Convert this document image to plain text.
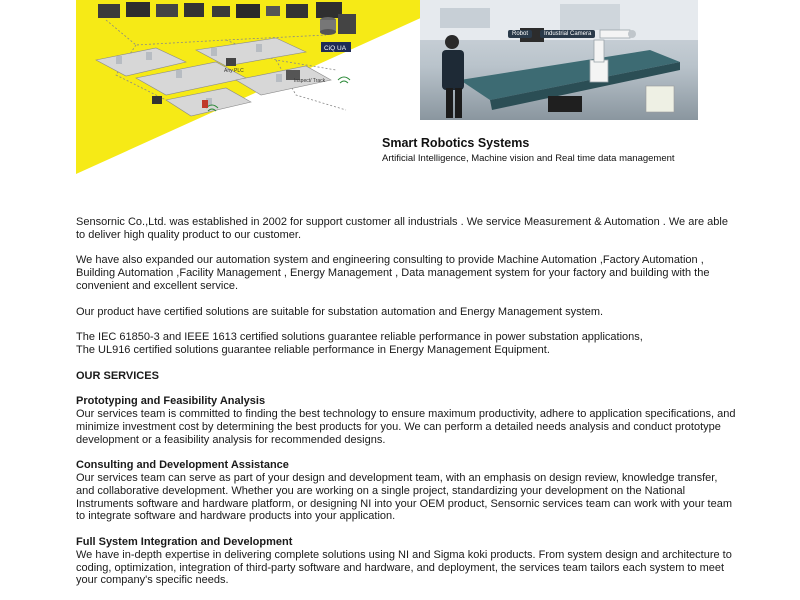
CiQ UA
Any PLC
Inspect/ Track
Robot	Industrial Camera
Smart Robotics Systems
Artificial Intelligence, Machine vision and Real time data management

Sensornic Co.,Ltd. was established in 2002 for support customer all industrials . We service Measurement & Automation . We are able to deliver high quality product to our customer.

We have also expanded our automation system and engineering consulting to provide Machine Automation ,Factory Automation , Building Automation ,Facility Management , Energy Management , Data management system for your factory and building with the convenient and excellent service.

Our product have certified solutions are suitable for substation automation and Energy Management system.

The IEC 61850-3 and IEEE 1613 certified solutions guarantee reliable performance in power substation applications,
The UL916 certified solutions guarantee reliable performance in Energy Management Equipment.

OUR SERVICES
Prototyping and Feasibility Analysis
Our services team is committed to finding the best technology to ensure maximum productivity, adhere to application specifications, and minimize investment cost by determining the best products for you. We can perform a detailed needs analysis and conduct prototype development or a feasibility analysis for recommended designs.
Consulting and Development Assistance
Our services team can serve as part of your design and development team, with an emphasis on design review, knowledge transfer, and collaborative development. Whether you are working on a single project, standardizing your development on the National Instruments software and hardware platform, or designing NI into your OEM product, Sensornic services team can work with your team to integrate software and hardware products into your application.
Full System Integration and Development
We have in-depth expertise in delivering complete solutions using NI and Sigma koki products. From system design and architecture to coding, optimization, integration of third-party software and hardware, and deployment, the services team tailors each system to meet your company's specific needs.
